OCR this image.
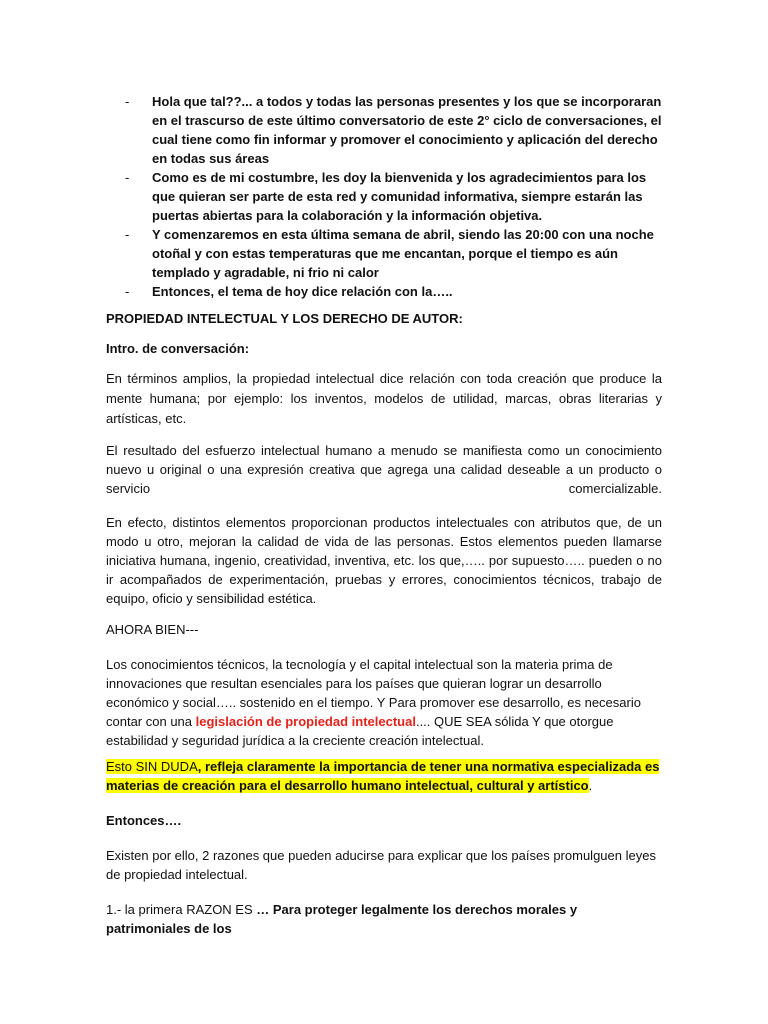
- Hola que tal??... a todos y todas las personas presentes y los que se incorporaran en el trascurso de este último conversatorio de este 2° ciclo de conversaciones, el cual tiene como fin informar y promover el conocimiento y aplicación del derecho en todas sus áreas
- Como es de mi costumbre, les doy la bienvenida y los agradecimientos para los que quieran ser parte de esta red y comunidad informativa, siempre estarán las puertas abiertas para la colaboración y la información objetiva.
- Y comenzaremos en esta última semana de abril, siendo las 20:00 con una noche otoñal y con estas temperaturas que me encantan, porque el tiempo es aún templado y agradable, ni frio ni calor
- Entonces, el tema de hoy dice relación con la…..

PROPIEDAD INTELECTUAL Y LOS DERECHO DE AUTOR:

Intro. de conversación:

En términos amplios, la propiedad intelectual dice relación con toda creación que produce la mente humana; por ejemplo: los inventos, modelos de utilidad, marcas, obras literarias y artísticas, etc.

El resultado del esfuerzo intelectual humano a menudo se manifiesta como un conocimiento nuevo u original o una expresión creativa que agrega una calidad deseable a un producto o
servicio	comercializable.

En efecto, distintos elementos proporcionan productos intelectuales con atributos que, de un modo u otro, mejoran la calidad de vida de las personas. Estos elementos pueden llamarse iniciativa humana, ingenio, creatividad, inventiva, etc. los que,….. por supuesto….. pueden o no ir acompañados de experimentación, pruebas y errores, conocimientos técnicos, trabajo de equipo, oficio y sensibilidad estética.

AHORA BIEN---

Los conocimientos técnicos, la tecnología y el capital intelectual son la materia prima de innovaciones que resultan esenciales para los países que quieran lograr un desarrollo económico y social….. sostenido en el tiempo. Y Para promover ese desarrollo, es necesario contar con una legislación de propiedad intelectual.... QUE SEA sólida Y que otorgue estabilidad y seguridad jurídica a la creciente creación intelectual.

Esto SIN DUDA, refleja claramente la importancia de tener una normativa especializada es materias de creación para el desarrollo humano intelectual, cultural y artístico.

Entonces….

Existen por ello, 2 razones que pueden aducirse para explicar que los países promulguen leyes de propiedad intelectual.

1.- la primera RAZON ES … Para proteger legalmente los derechos morales y patrimoniales de los
